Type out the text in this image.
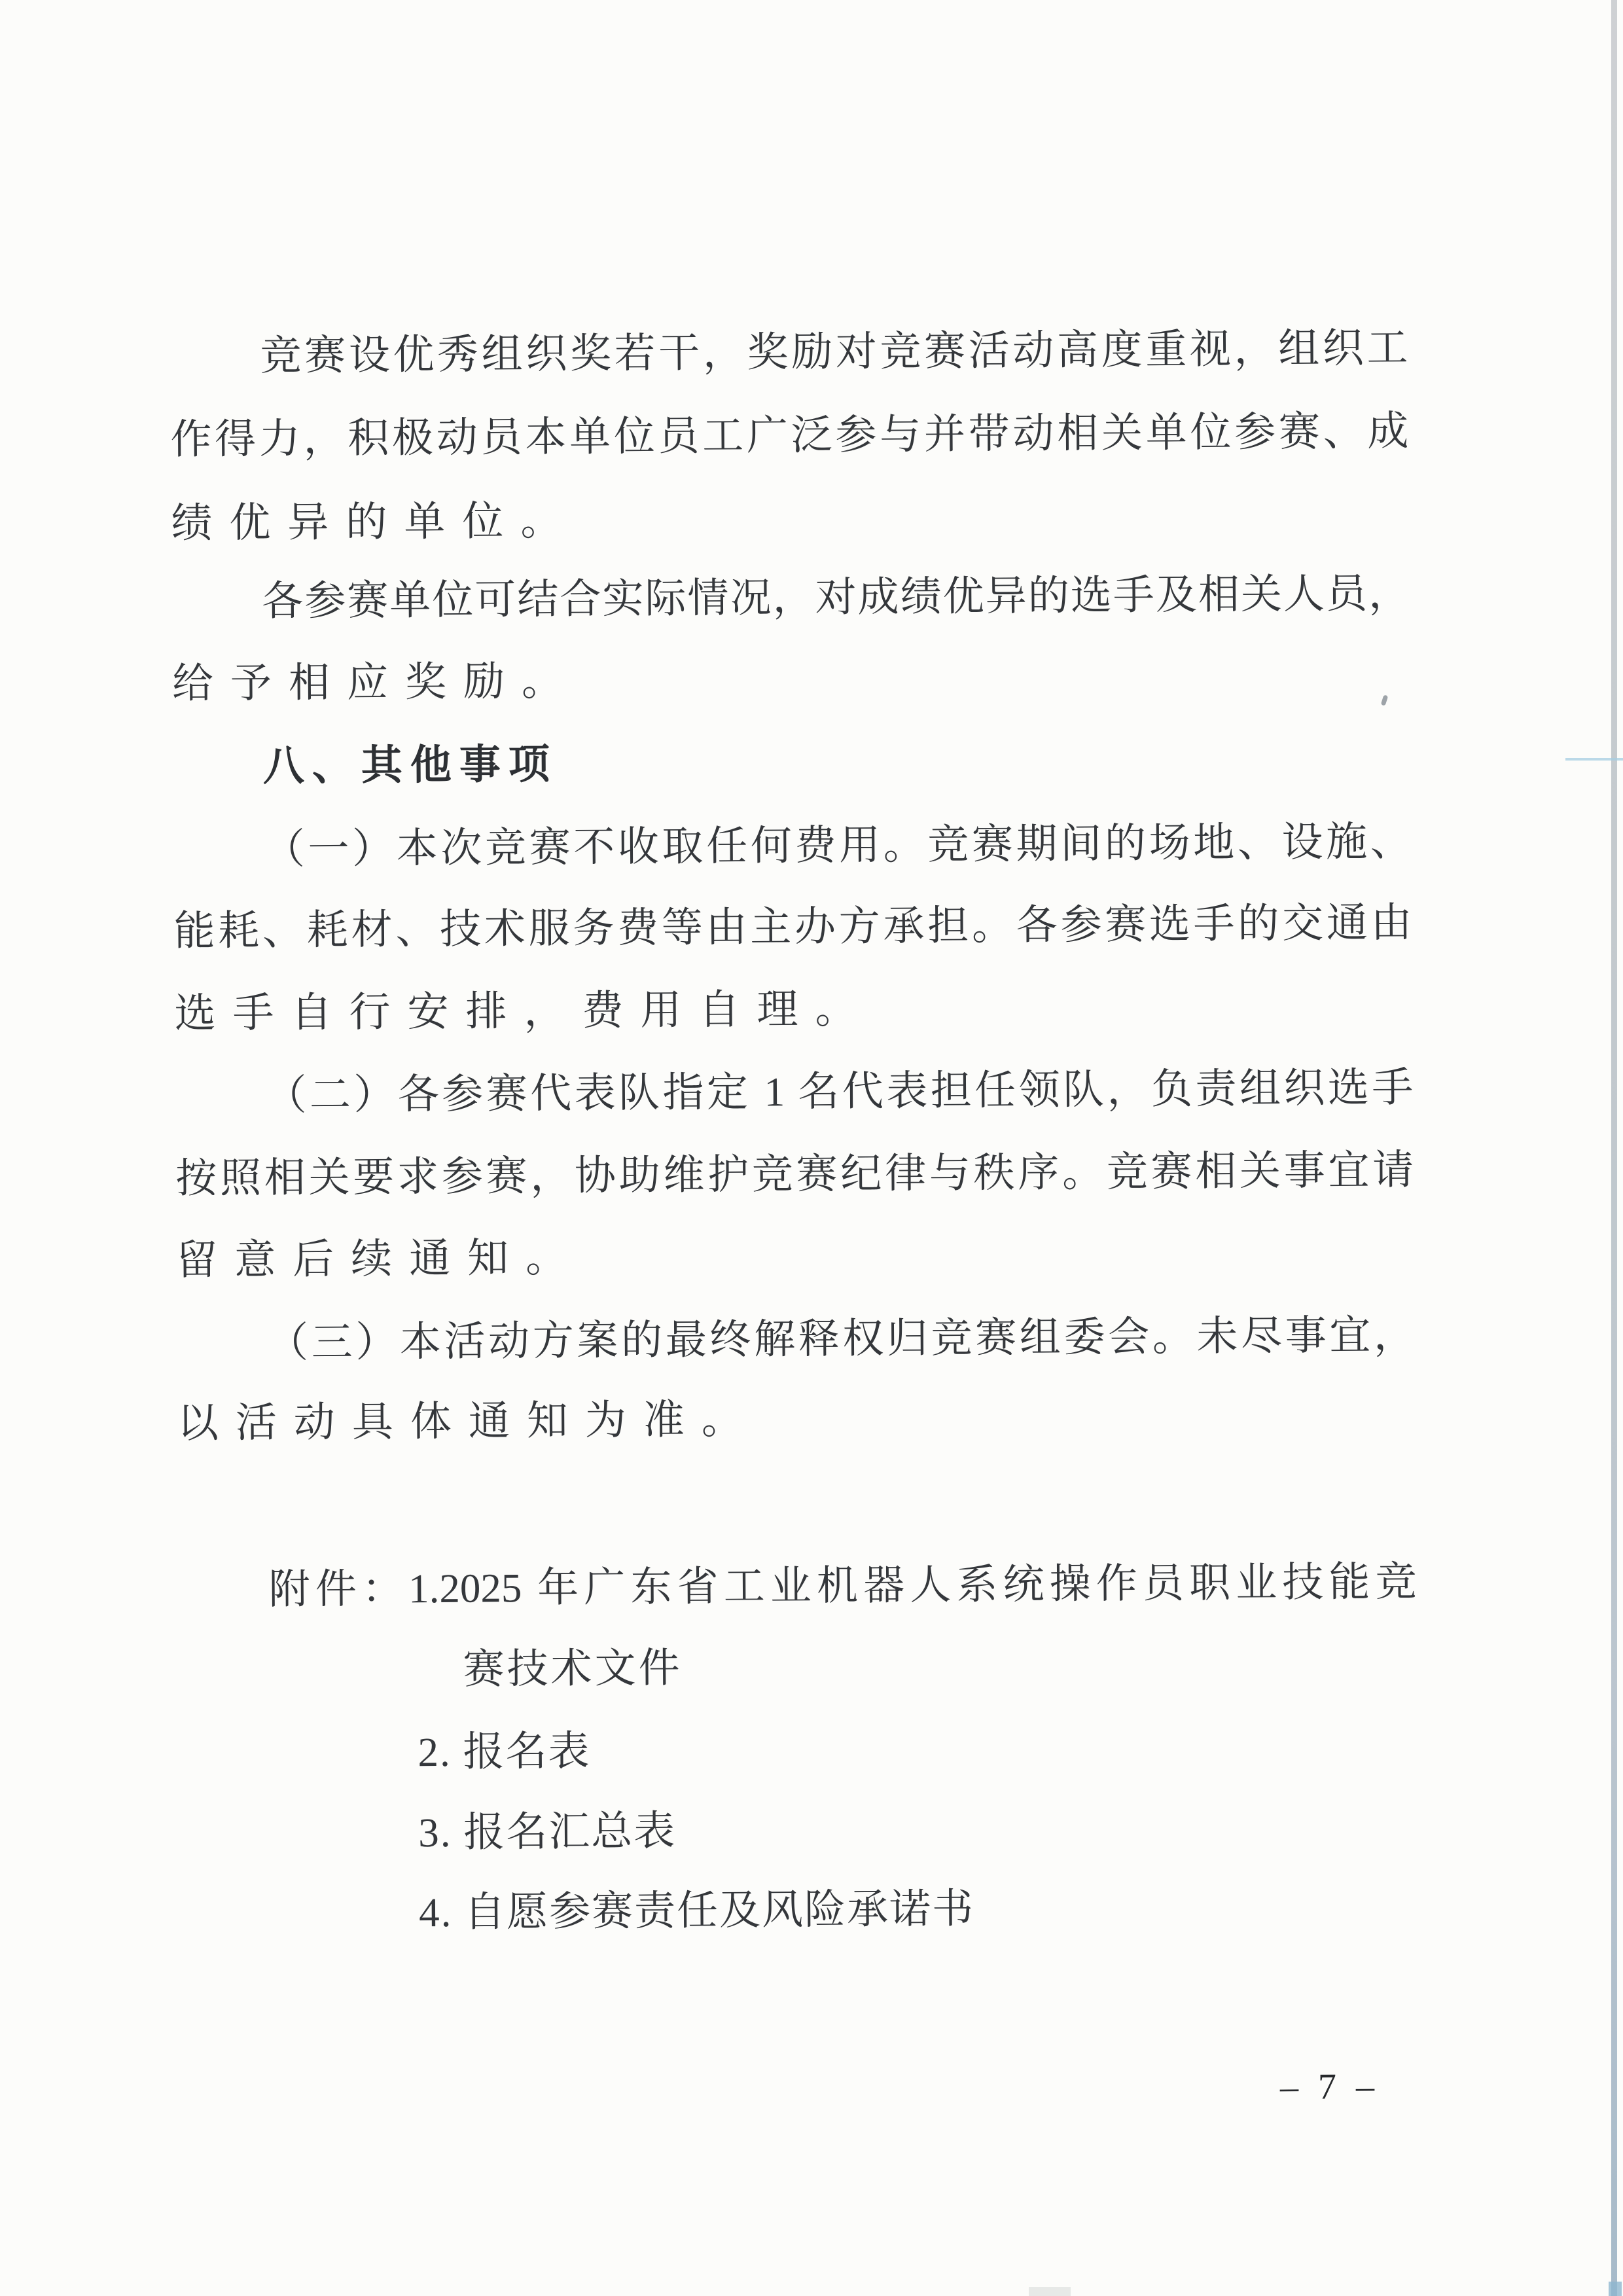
竞赛设优秀组织奖若干，奖励对竞赛活动高度重视，组织工
作得力，积极动员本单位员工广泛参与并带动相关单位参赛、成
绩优异的单位。
各参赛单位可结合实际情况，对成绩优异的选手及相关人员，
给予相应奖励。
八、其他事项
（一）本次竞赛不收取任何费用。竞赛期间的场地、设施、
能耗、耗材、技术服务费等由主办方承担。各参赛选手的交通由
选手自行安排，费用自理。
（二）各参赛代表队指定 1 名代表担任领队，负责组织选手
按照相关要求参赛，协助维护竞赛纪律与秩序。竞赛相关事宜请
留意后续通知。
（三）本活动方案的最终解释权归竞赛组委会。未尽事宜，
以活动具体通知为准。
附件：1.2025 年广东省工业机器人系统操作员职业技能竞
赛技术文件
2. 报名表
3. 报名汇总表
4. 自愿参赛责任及风险承诺书
– 7 –
